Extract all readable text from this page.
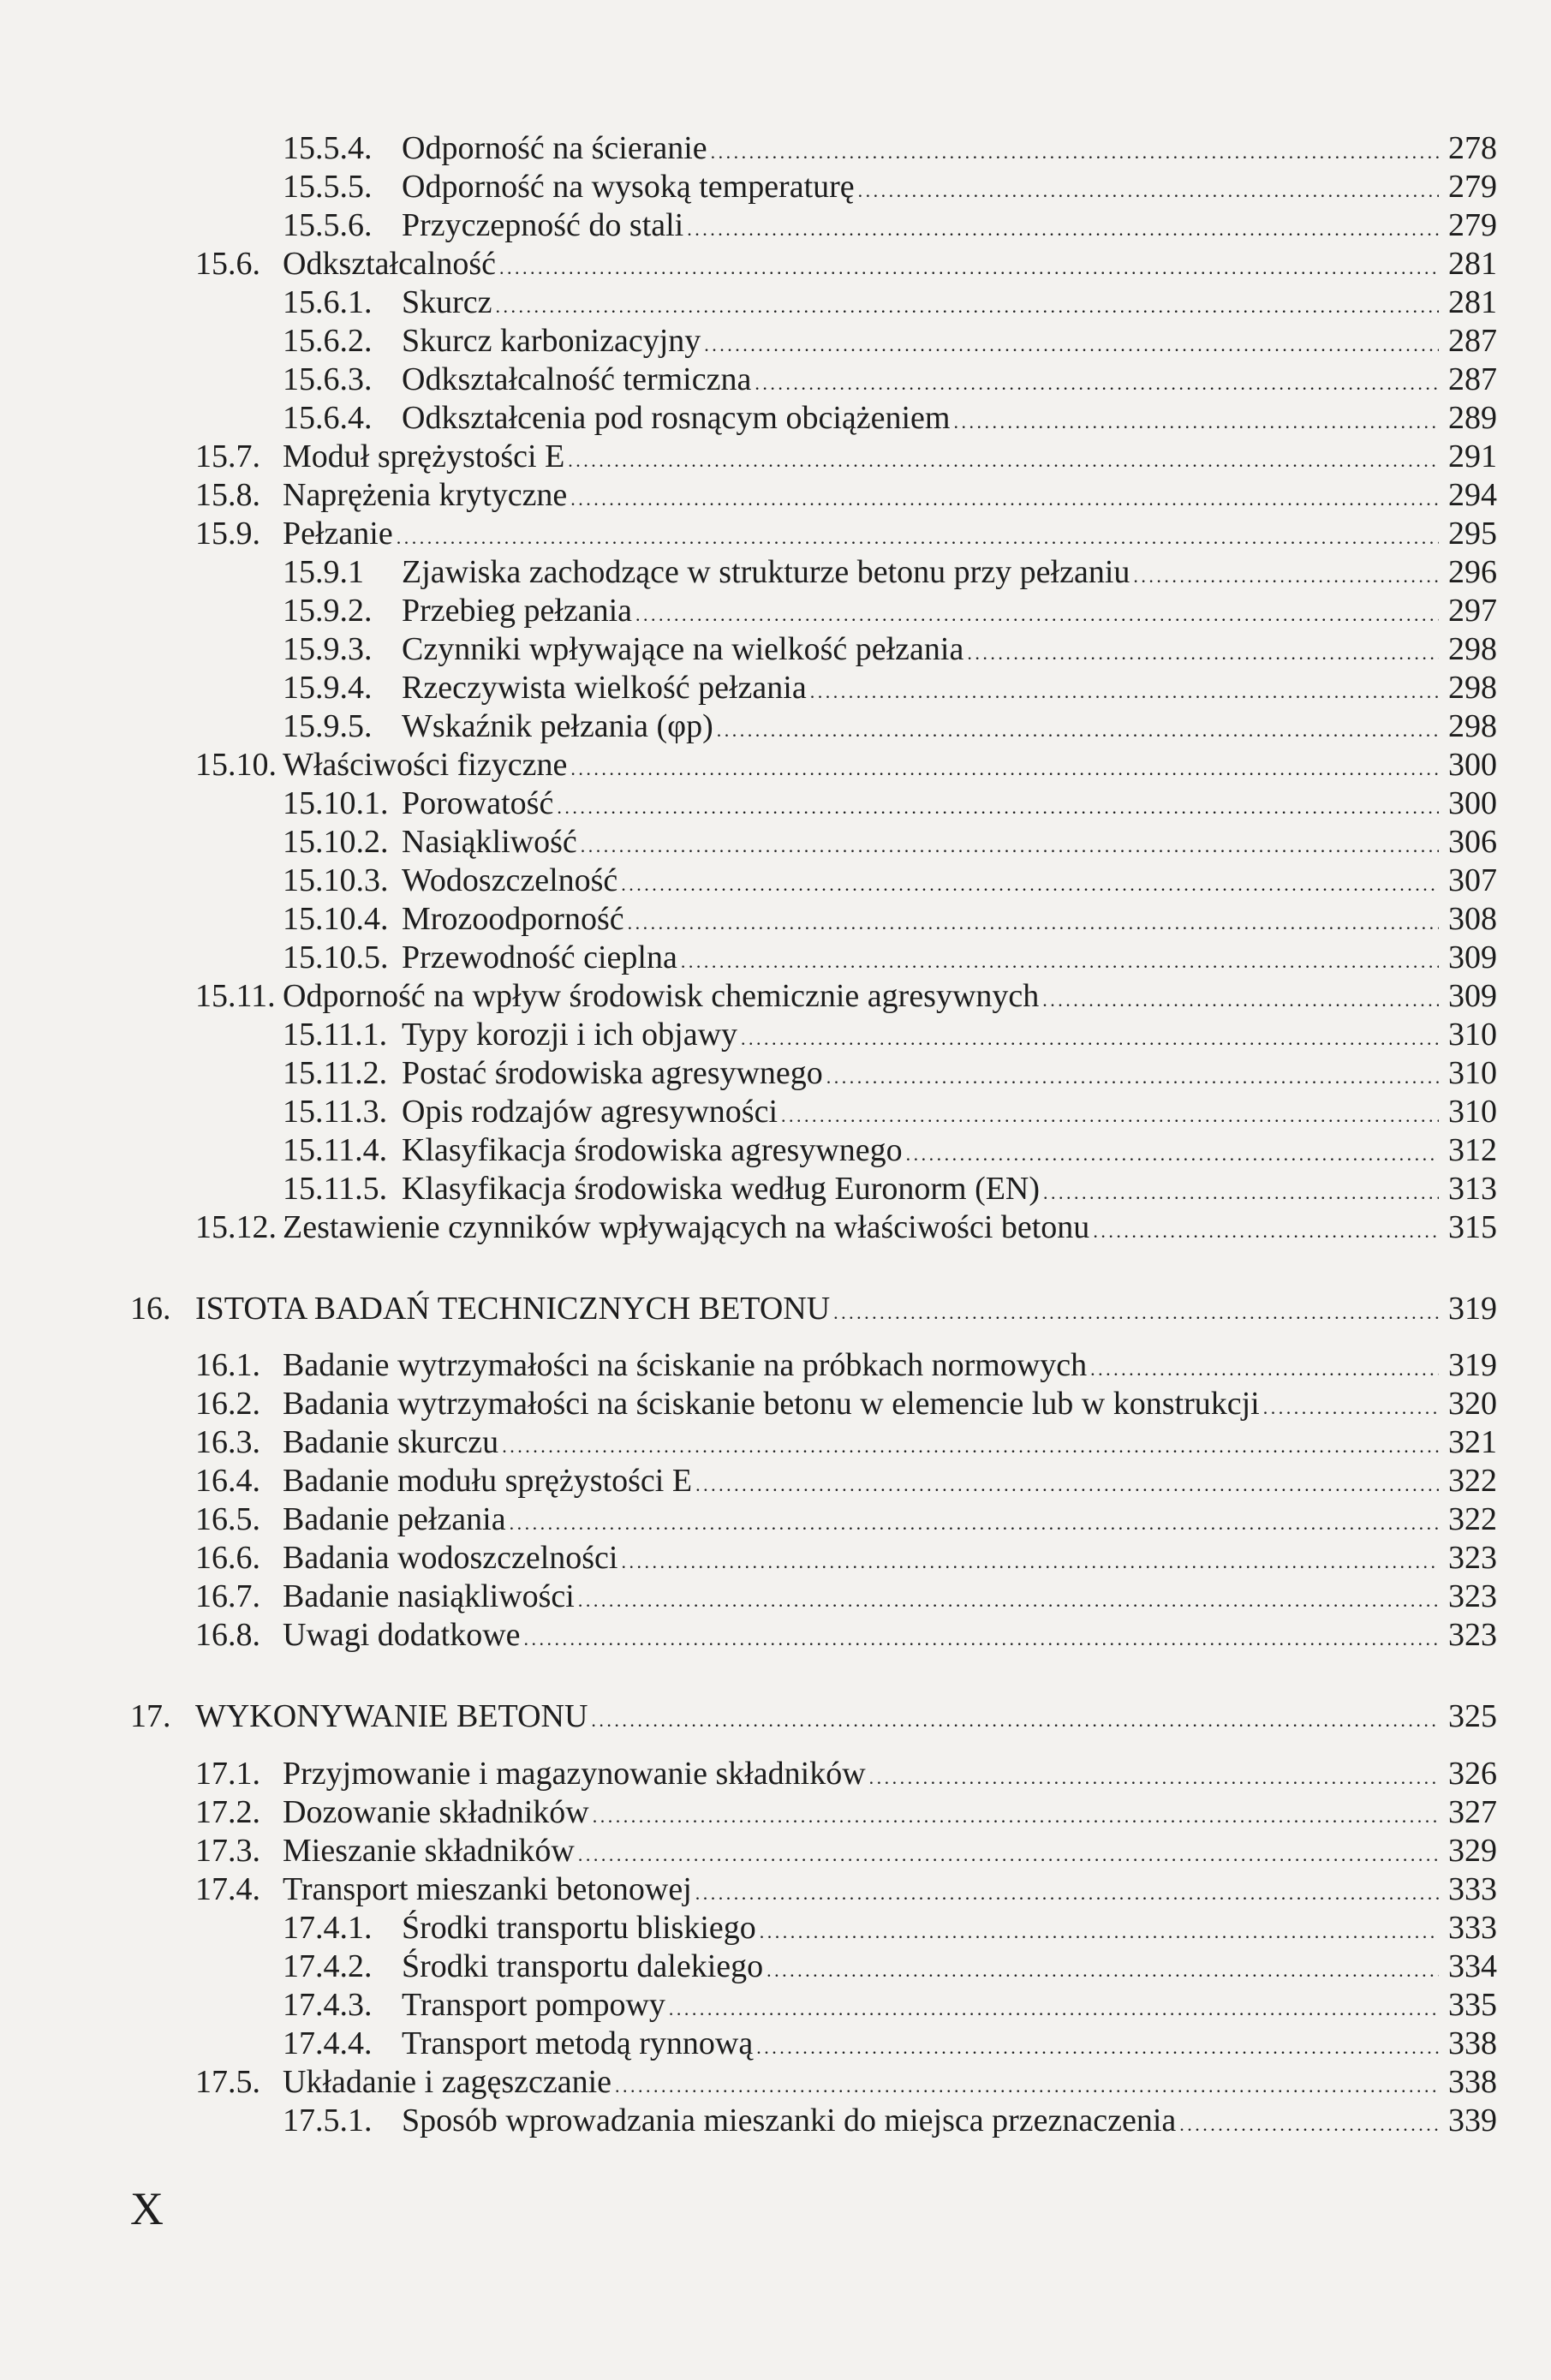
15.5.4. Odporność na ścieranie . . .	278
15.5.5. Odporność na wysoką temperaturę . . .	279
15.5.6. Przyczepność do stali . . .	279
15.6. Odkształcalność . . .	281
15.6.1. Skurcz . . .	281
15.6.2. Skurcz karbonizacyjny . . .	287
15.6.3. Odkształcalność termiczna . . .	287
15.6.4. Odkształcenia pod rosnącym obciążeniem . . .	289
15.7. Moduł sprężystości E . . .	291
15.8. Naprężenia krytyczne . . .	294
15.9. Pełzanie . . .	295
15.9.1 Zjawiska zachodzące w strukturze betonu przy pełzaniu . . .	296
15.9.2. Przebieg pełzania . . .	297
15.9.3. Czynniki wpływające na wielkość pełzania . . .	298
15.9.4. Rzeczywista wielkość pełzania . . .	298
15.9.5. Wskaźnik pełzania (φp) . . .	298
15.10. Właściwości fizyczne . . .	300
15.10.1. Porowatość . . .	300
15.10.2. Nasiąkliwość . . .	306
15.10.3. Wodoszczelność . . .	307
15.10.4. Mrozoodporność . . .	308
15.10.5. Przewodność cieplna . . .	309
15.11. Odporność na wpływ środowisk chemicznie agresywnych . . .	309
15.11.1. Typy korozji i ich objawy . . .	310
15.11.2. Postać środowiska agresywnego . . .	310
15.11.3. Opis rodzajów agresywności . . .	310
15.11.4. Klasyfikacja środowiska agresywnego . . .	312
15.11.5. Klasyfikacja środowiska według Euronorm (EN) . . .	313
15.12. Zestawienie czynników wpływających na właściwości betonu . . .	315
16. ISTOTA BADAŃ TECHNICZNYCH BETONU . . .	319
16.1. Badanie wytrzymałości na ściskanie na próbkach normowych . . .	319
16.2. Badania wytrzymałości na ściskanie betonu w elemencie lub w konstrukcji . . .	320
16.3. Badanie skurczu . . .	321
16.4. Badanie modułu sprężystości E . . .	322
16.5. Badanie pełzania . . .	322
16.6. Badania wodoszczelności . . .	323
16.7. Badanie nasiąkliwości . . .	323
16.8. Uwagi dodatkowe . . .	323
17. WYKONYWANIE BETONU . . .	325
17.1. Przyjmowanie i magazynowanie składników . . .	326
17.2. Dozowanie składników . . .	327
17.3. Mieszanie składników . . .	329
17.4. Transport mieszanki betonowej . . .	333
17.4.1. Środki transportu bliskiego . . .	333
17.4.2. Środki transportu dalekiego . . .	334
17.4.3. Transport pompowy . . .	335
17.4.4. Transport metodą rynnową . . .	338
17.5. Układanie i zagęszczanie . . .	338
17.5.1. Sposób wprowadzania mieszanki do miejsca przeznaczenia . . .	339
X
